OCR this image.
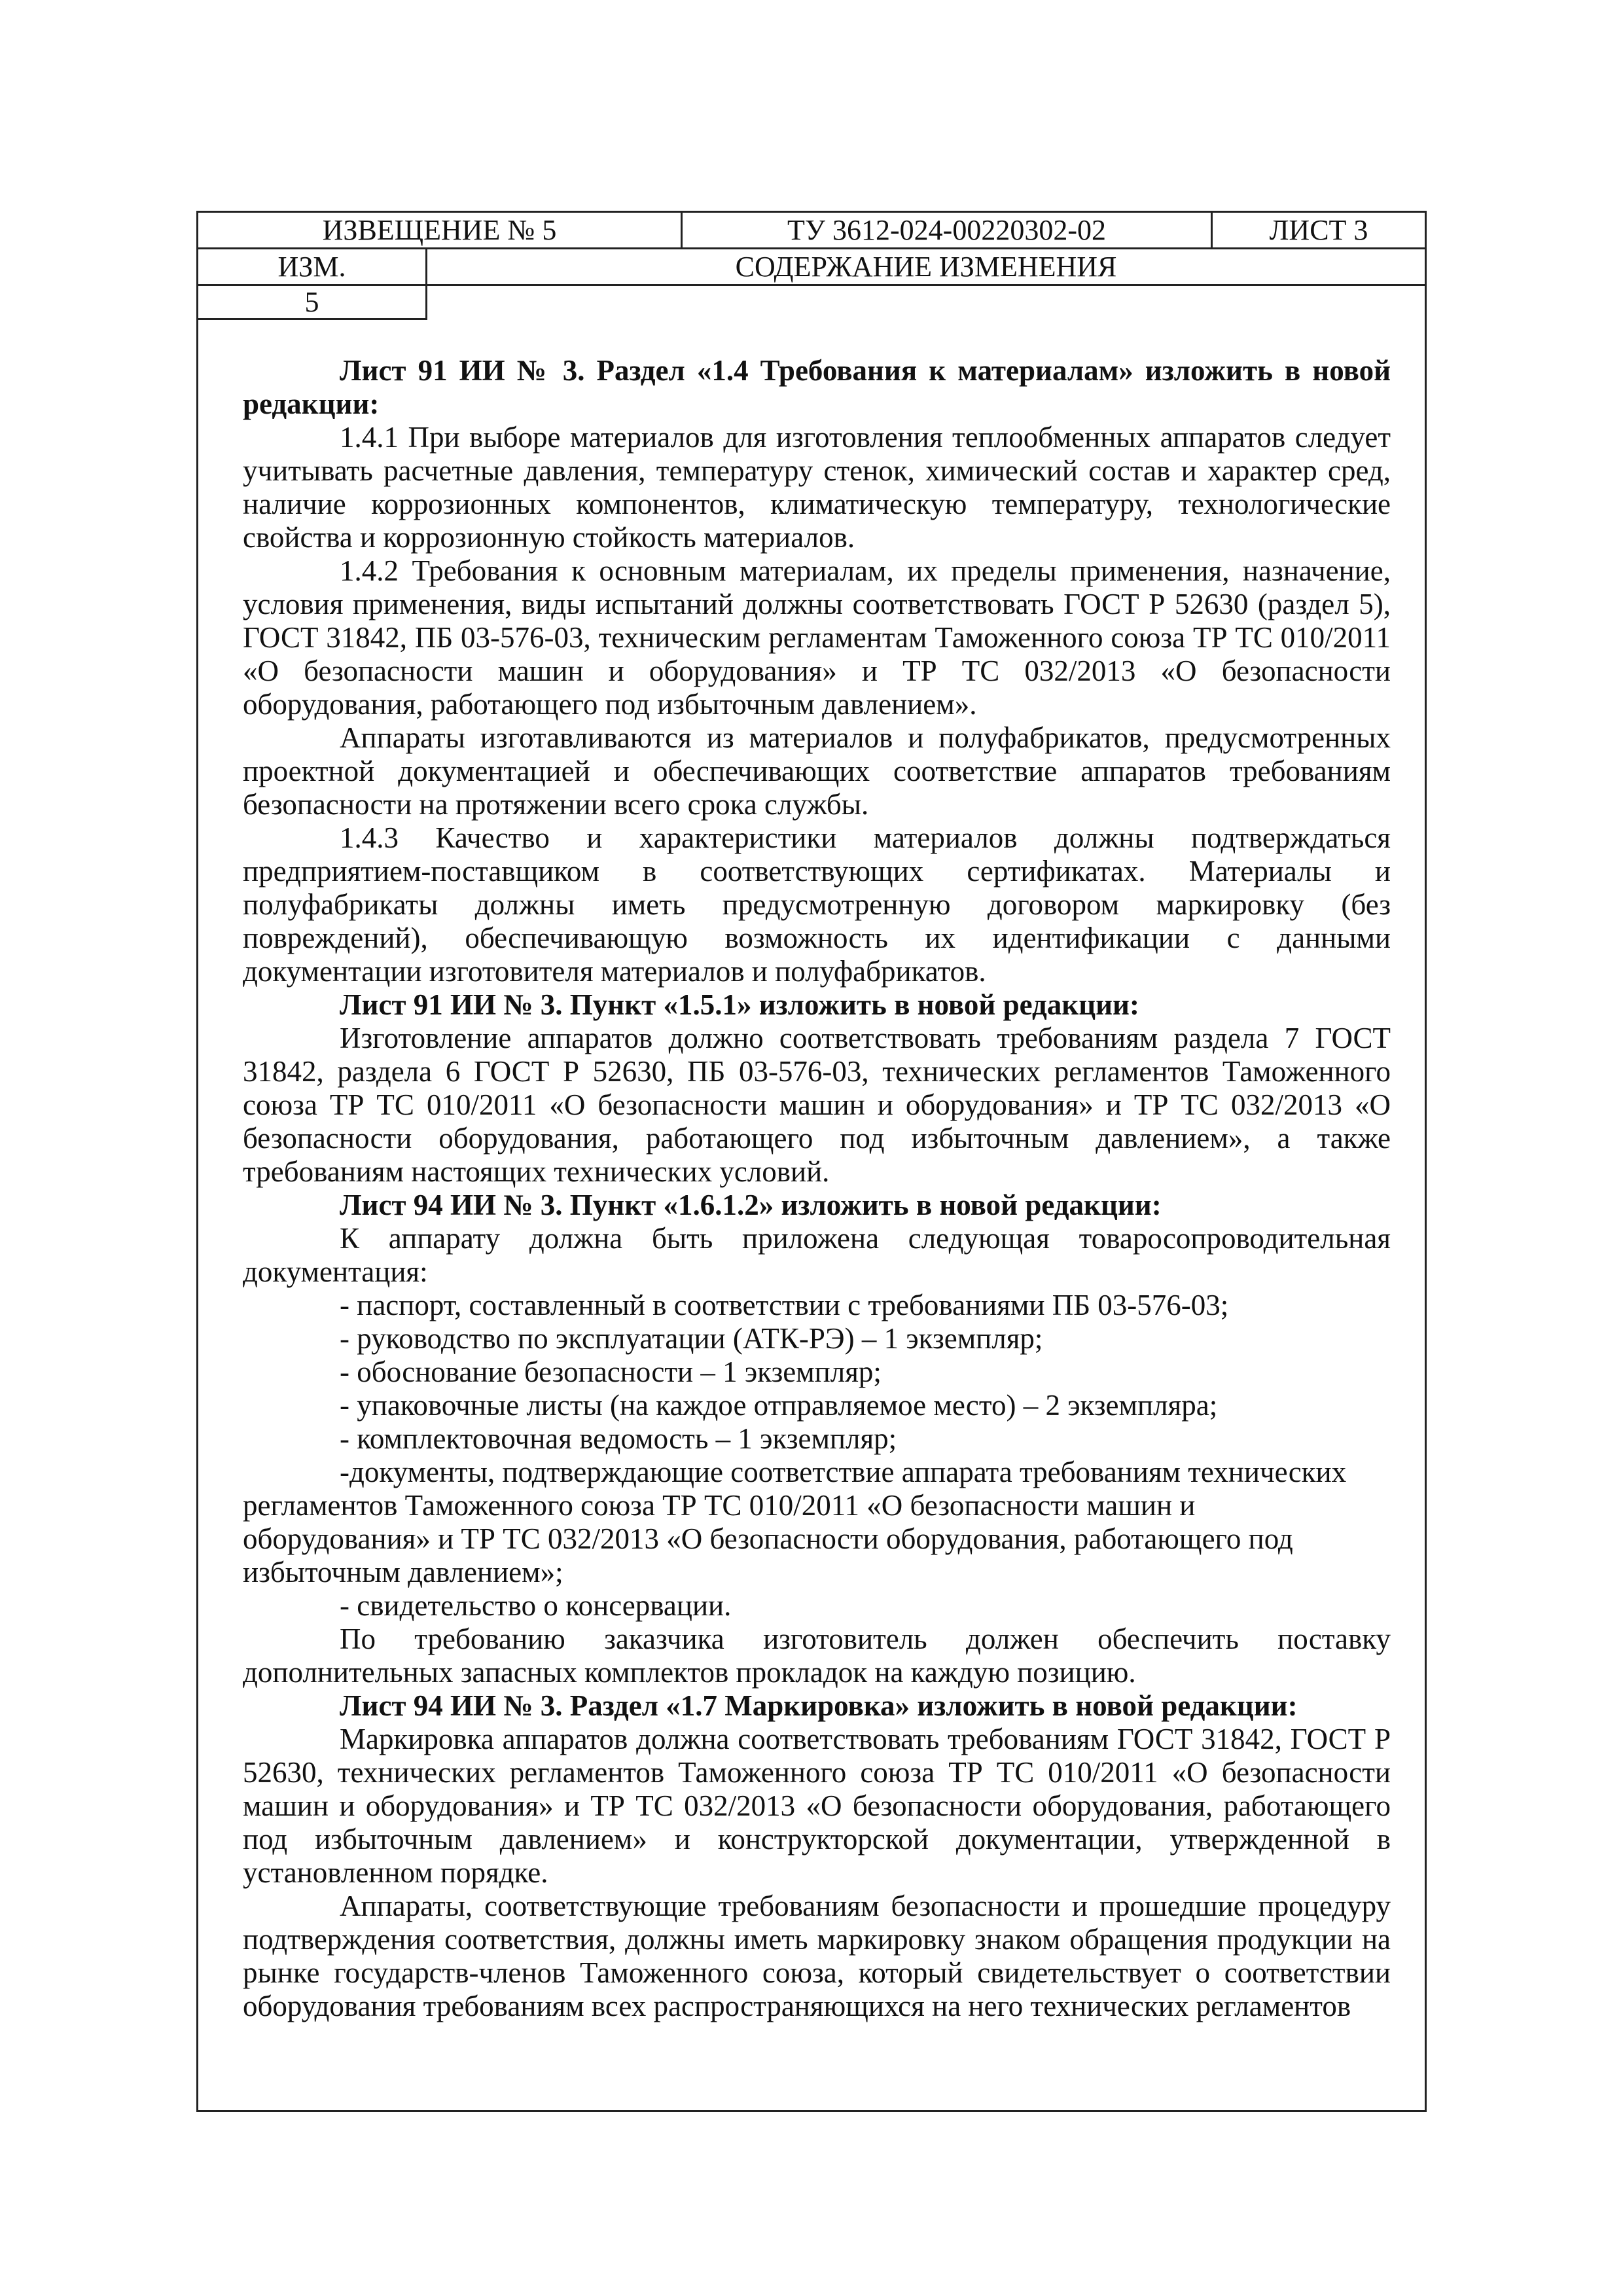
ИЗВЕЩЕНИЕ № 5	ТУ 3612-024-00220302-02	ЛИСТ 3
ИЗМ.	СОДЕРЖАНИЕ ИЗМЕНЕНИЯ
5

Лист 91 ИИ № 3. Раздел «1.4 Требования к материалам» изложить в новой редакции:

1.4.1 При выборе материалов для изготовления теплообменных аппаратов следует учитывать расчетные давления, температуру стенок, химический состав и характер сред, наличие коррозионных компонентов, климатическую температуру, технологические свойства и коррозионную стойкость материалов.

1.4.2 Требования к основным материалам, их пределы применения, назначение, условия применения, виды испытаний должны соответствовать ГОСТ Р 52630 (раздел 5), ГОСТ 31842, ПБ 03-576-03, техническим регламентам Таможенного союза ТР ТС 010/2011 «О безопасности машин и оборудования» и ТР ТС 032/2013 «О безопасности оборудования, работающего под избыточным давлением».

Аппараты изготавливаются из материалов и полуфабрикатов, предусмотренных проектной документацией и обеспечивающих соответствие аппаратов требованиям безопасности на протяжении всего срока службы.

1.4.3 Качество и характеристики материалов должны подтверждаться предприятием-поставщиком в соответствующих сертификатах. Материалы и полуфабрикаты должны иметь предусмотренную договором маркировку (без повреждений), обеспечивающую возможность их идентификации с данными документации изготовителя материалов и полуфабрикатов.

Лист 91 ИИ № 3. Пункт «1.5.1» изложить в новой редакции:

Изготовление аппаратов должно соответствовать требованиям раздела 7 ГОСТ 31842, раздела 6 ГОСТ Р 52630, ПБ 03-576-03, технических регламентов Таможенного союза ТР ТС 010/2011 «О безопасности машин и оборудования» и ТР ТС 032/2013 «О безопасности оборудования, работающего под избыточным давлением», а также требованиям настоящих технических условий.

Лист 94 ИИ № 3. Пункт «1.6.1.2» изложить в новой редакции:

К аппарату должна быть приложена следующая товаросопроводительная документация:

- паспорт, составленный в соответствии с требованиями ПБ 03-576-03;

- руководство по эксплуатации (АТК-РЭ) – 1 экземпляр;

- обоснование безопасности – 1 экземпляр;

- упаковочные листы (на каждое отправляемое место) – 2 экземпляра;

- комплектовочная ведомость – 1 экземпляр;

-документы, подтверждающие соответствие аппарата требованиям технических

регламентов Таможенного союза ТР ТС 010/2011 «О безопасности машин и

оборудования» и ТР ТС 032/2013 «О безопасности оборудования, работающего под

избыточным давлением»;

- свидетельство о консервации.

По требованию заказчика изготовитель должен обеспечить поставку дополнительных запасных комплектов прокладок на каждую позицию.

Лист 94 ИИ № 3. Раздел «1.7 Маркировка» изложить в новой редакции:

Маркировка аппаратов должна соответствовать требованиям ГОСТ 31842, ГОСТ Р 52630, технических регламентов Таможенного союза ТР ТС 010/2011 «О безопасности машин и оборудования» и ТР ТС 032/2013 «О безопасности оборудования, работающего под избыточным давлением» и конструкторской документации, утвержденной в установленном порядке.

Аппараты, соответствующие требованиям безопасности и прошедшие процедуру подтверждения соответствия, должны иметь маркировку знаком обращения продукции на рынке государств-членов Таможенного союза, который свидетельствует о соответствии оборудования требованиям всех распространяющихся на него технических регламентов
